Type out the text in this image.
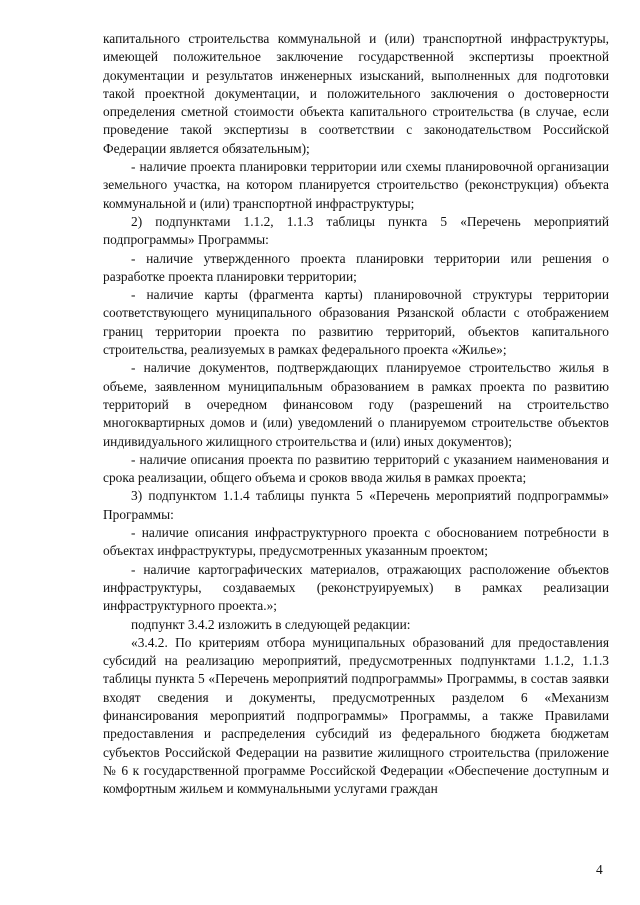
капитального строительства коммунальной и (или) транспортной инфраструктуры, имеющей положительное заключение государственной экспертизы проектной документации и результатов инженерных изысканий, выполненных для подготовки такой проектной документации, и положительного заключения о достоверности определения сметной стоимости объекта капитального строительства (в случае, если проведение такой экспертизы в соответствии с законодательством Российской Федерации является обязательным);

- наличие проекта планировки территории или схемы планировочной организации земельного участка, на котором планируется строительство (реконструкция) объекта коммунальной и (или) транспортной инфраструктуры;

2) подпунктами 1.1.2, 1.1.3 таблицы пункта 5 «Перечень мероприятий подпрограммы» Программы:

- наличие утвержденного проекта планировки территории или решения о разработке проекта планировки территории;

- наличие карты (фрагмента карты) планировочной структуры территории соответствующего муниципального образования Рязанской области с отображением границ территории проекта по развитию территорий, объектов капитального строительства, реализуемых в рамках федерального проекта «Жилье»;

- наличие документов, подтверждающих планируемое строительство жилья в объеме, заявленном муниципальным образованием в рамках проекта по развитию территорий в очередном финансовом году (разрешений на строительство многоквартирных домов и (или) уведомлений о планируемом строительстве объектов индивидуального жилищного строительства и (или) иных документов);

- наличие описания проекта по развитию территорий с указанием наименования и срока реализации, общего объема и сроков ввода жилья в рамках проекта;

3) подпунктом 1.1.4 таблицы пункта 5 «Перечень мероприятий подпрограммы» Программы:

- наличие описания инфраструктурного проекта с обоснованием потребности в объектах инфраструктуры, предусмотренных указанным проектом;

- наличие картографических материалов, отражающих расположение объектов инфраструктуры, создаваемых (реконструируемых) в рамках реализации инфраструктурного проекта.»;

подпункт 3.4.2 изложить в следующей редакции:

«3.4.2. По критериям отбора муниципальных образований для предоставления субсидий на реализацию мероприятий, предусмотренных подпунктами 1.1.2, 1.1.3 таблицы пункта 5 «Перечень мероприятий подпрограммы» Программы, в состав заявки входят сведения и документы, предусмотренных разделом 6 «Механизм финансирования мероприятий подпрограммы» Программы, а также Правилами предоставления и распределения субсидий из федерального бюджета бюджетам субъектов Российской Федерации на развитие жилищного строительства (приложение № 6 к государственной программе Российской Федерации «Обеспечение доступным и комфортным жильем и коммунальными услугами граждан

4
